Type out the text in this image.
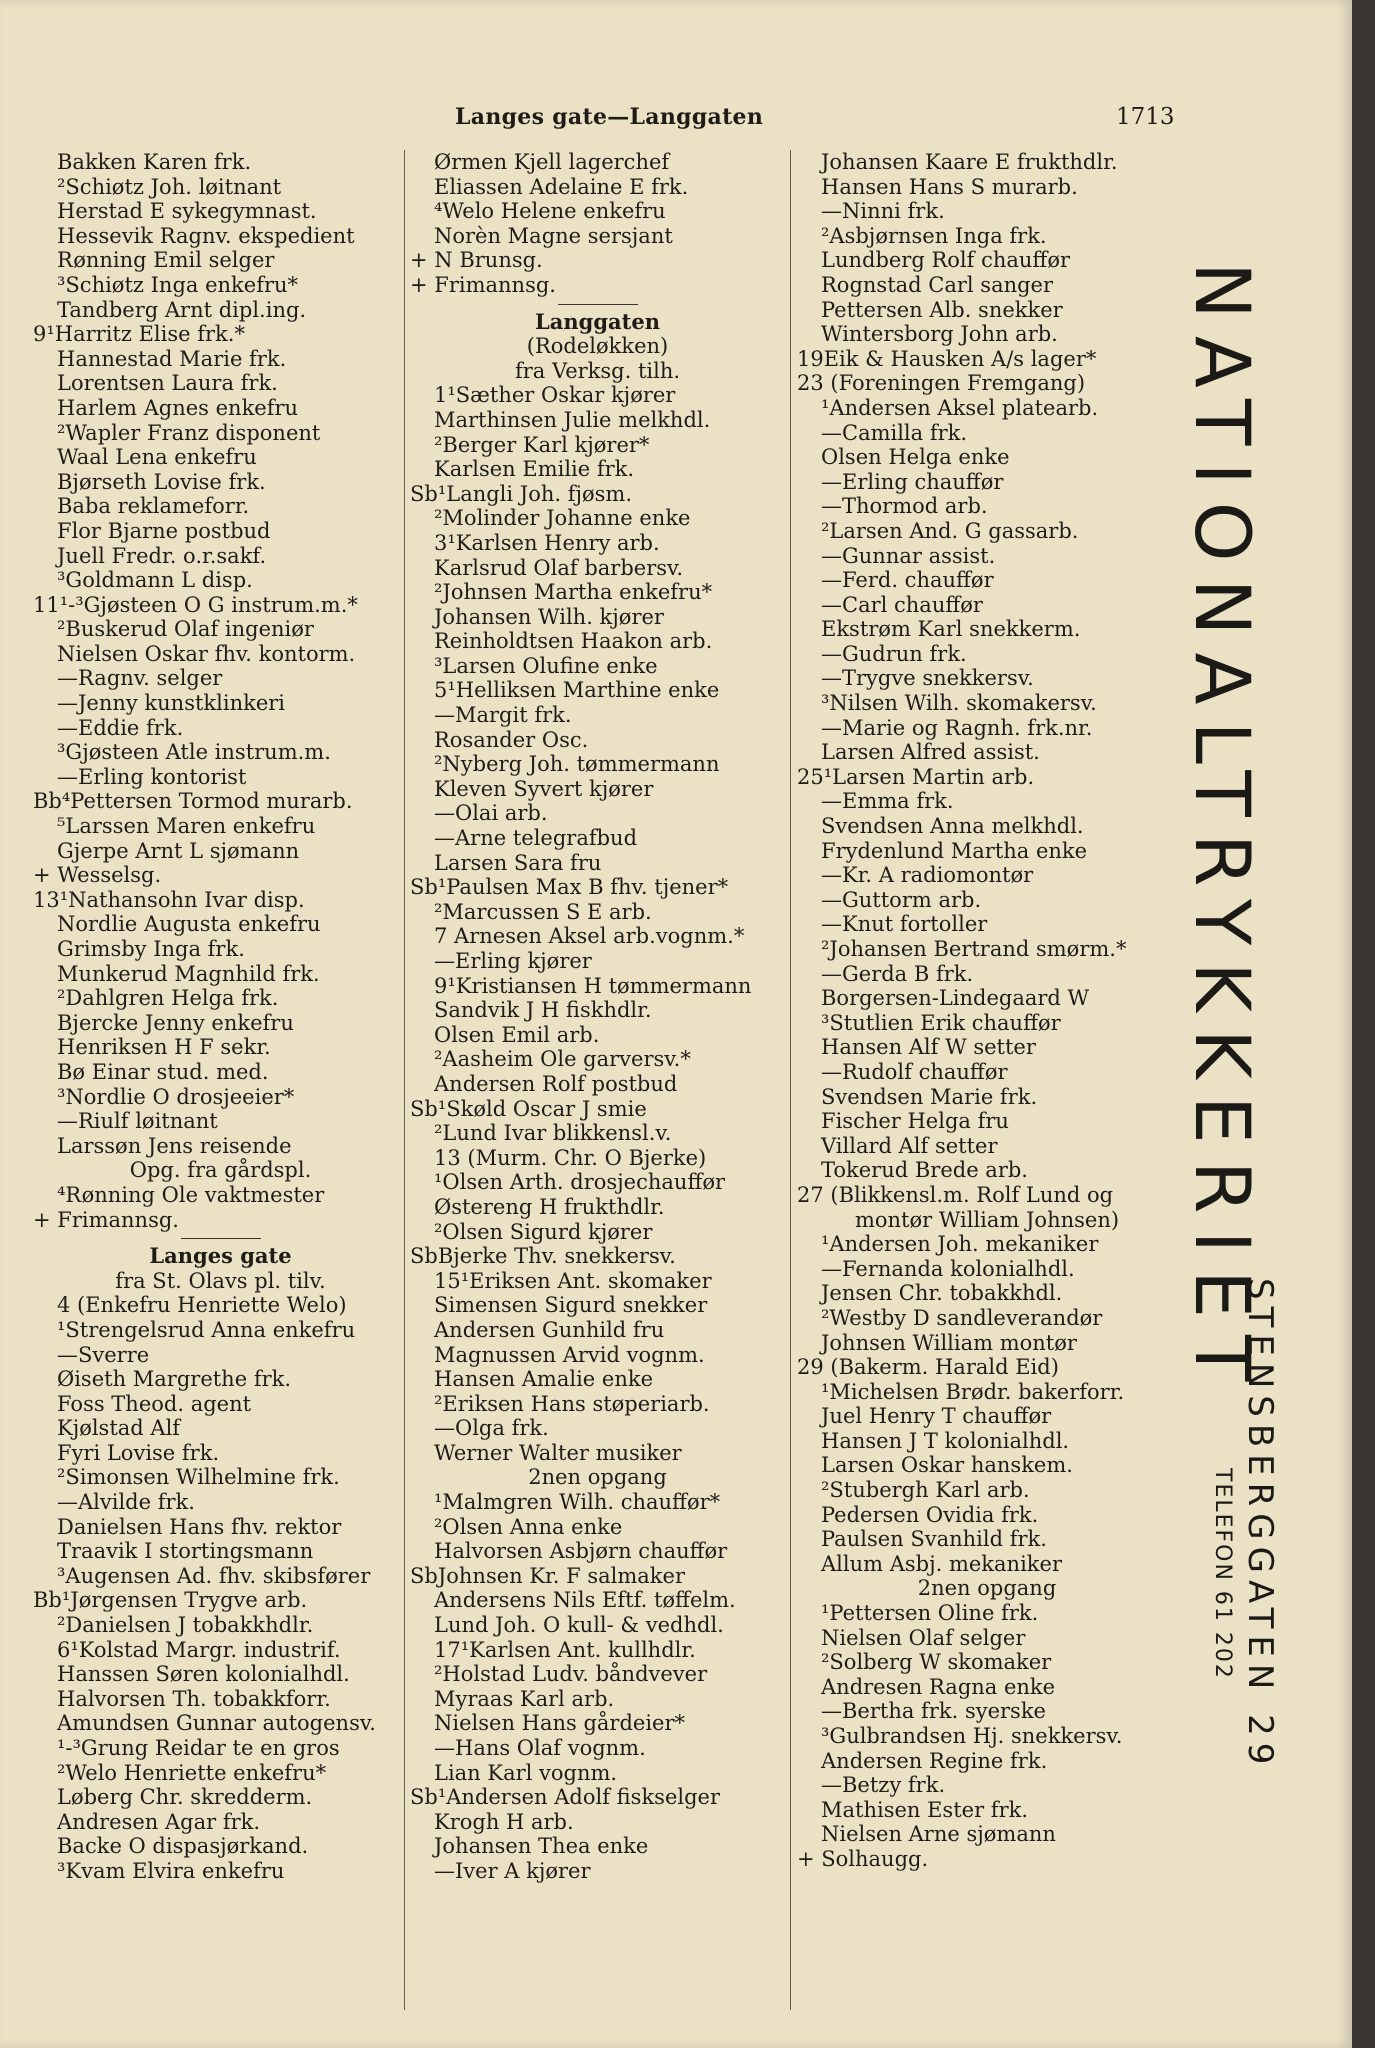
Langes gate—Langgaten	1713
Bakken Karen frk.
²Schiøtz Joh. løitnant
Herstad E sykegymnast.
Hessevik Ragnv. ekspedient
Rønning Emil selger
³Schiøtz Inga enkefru*
Tandberg Arnt dipl.ing.
9¹Harritz Elise frk.*
Hannestad Marie frk.
Lorentsen Laura frk.
Harlem Agnes enkefru
²Wapler Franz disponent
Waal Lena enkefru
Bjørseth Lovise frk.
Baba reklameforr.
Flor Bjarne postbud
Juell Fredr. o.r.sakf.
³Goldmann L disp.
11¹-³Gjøsteen O G instrum.m.*
²Buskerud Olaf ingeniør
Nielsen Oskar fhv. kontorm.
—Ragnv. selger
—Jenny kunstklinkeri
—Eddie frk.
³Gjøsteen Atle instrum.m.
—Erling kontorist
Bb⁴Pettersen Tormod murarb.
⁵Larssen Maren enkefru
Gjerpe Arnt L sjømann
+ Wesselsg.
13¹Nathansohn Ivar disp.
Nordlie Augusta enkefru
Grimsby Inga frk.
Munkerud Magnhild frk.
²Dahlgren Helga frk.
Bjercke Jenny enkefru
Henriksen H F sekr.
Bø Einar stud. med.
³Nordlie O drosjeeier*
—Riulf løitnant
Larssøn Jens reisende
Opg. fra gårdspl.
⁴Rønning Ole vaktmester
+ Frimannsg.
Langes gate
fra St. Olavs pl. tilv.
4 (Enkefru Henriette Welo)
¹Strengelsrud Anna enkefru
—Sverre
Øiseth Margrethe frk.
Foss Theod. agent
Kjølstad Alf
Fyri Lovise frk.
²Simonsen Wilhelmine frk.
—Alvilde frk.
Danielsen Hans fhv. rektor
Traavik I stortingsmann
³Augensen Ad. fhv. skibsfører
Bb¹Jørgensen Trygve arb.
²Danielsen J tobakkhdlr.
6¹Kolstad Margr. industrif.
Hanssen Søren kolonialhdl.
Halvorsen Th. tobakkforr.
Amundsen Gunnar autogensv.
¹-³Grung Reidar te en gros
²Welo Henriette enkefru*
Løberg Chr. skredderm.
Andresen Agar frk.
Backe O dispasjørkand.
³Kvam Elvira enkefru
Ørmen Kjell lagerchef
Eliassen Adelaine E frk.
⁴Welo Helene enkefru
Norèn Magne sersjant
+ N Brunsg.
+ Frimannsg.
Langgaten
(Rodeløkken)
fra Verksg. tilh.
1¹Sæther Oskar kjører
Marthinsen Julie melkhdl.
²Berger Karl kjører*
Karlsen Emilie frk.
Sb¹Langli Joh. fjøsm.
²Molinder Johanne enke
3¹Karlsen Henry arb.
Karlsrud Olaf barbersv.
²Johnsen Martha enkefru*
Johansen Wilh. kjører
Reinholdtsen Haakon arb.
³Larsen Olufine enke
5¹Helliksen Marthine enke
—Margit frk.
Rosander Osc.
²Nyberg Joh. tømmermann
Kleven Syvert kjører
—Olai arb.
—Arne telegrafbud
Larsen Sara fru
Sb¹Paulsen Max B fhv. tjener*
²Marcussen S E arb.
7 Arnesen Aksel arb.vognm.*
—Erling kjører
9¹Kristiansen H tømmermann
Sandvik J H fiskhdlr.
Olsen Emil arb.
²Aasheim Ole garversv.*
Andersen Rolf postbud
Sb¹Skøld Oscar J smie
²Lund Ivar blikkensl.v.
13 (Murm. Chr. O Bjerke)
¹Olsen Arth. drosjechauffør
Østereng H frukthdlr.
²Olsen Sigurd kjører
SbBjerke Thv. snekkersv.
15¹Eriksen Ant. skomaker
Simensen Sigurd snekker
Andersen Gunhild fru
Magnussen Arvid vognm.
Hansen Amalie enke
²Eriksen Hans støperiarb.
—Olga frk.
Werner Walter musiker
2nen opgang
¹Malmgren Wilh. chauffør*
²Olsen Anna enke
Halvorsen Asbjørn chauffør
SbJohnsen Kr. F salmaker
Andersens Nils Eftf. tøffelm.
Lund Joh. O kull- & vedhdl.
17¹Karlsen Ant. kullhdlr.
²Holstad Ludv. båndvever
Myraas Karl arb.
Nielsen Hans gårdeier*
—Hans Olaf vognm.
Lian Karl vognm.
Sb¹Andersen Adolf fiskselger
Krogh H arb.
Johansen Thea enke
—Iver A kjører
Johansen Kaare E frukthdlr.
Hansen Hans S murarb.
—Ninni frk.
²Asbjørnsen Inga frk.
Lundberg Rolf chauffør
Rognstad Carl sanger
Pettersen Alb. snekker
Wintersborg John arb.
19Eik & Hausken A/s lager*
23 (Foreningen Fremgang)
¹Andersen Aksel platearb.
—Camilla frk.
Olsen Helga enke
—Erling chauffør
—Thormod arb.
²Larsen And. G gassarb.
—Gunnar assist.
—Ferd. chauffør
—Carl chauffør
Ekstrøm Karl snekkerm.
—Gudrun frk.
—Trygve snekkersv.
³Nilsen Wilh. skomakersv.
—Marie og Ragnh. frk.nr.
Larsen Alfred assist.
25¹Larsen Martin arb.
—Emma frk.
Svendsen Anna melkhdl.
Frydenlund Martha enke
—Kr. A radiomontør
—Guttorm arb.
—Knut fortoller
²Johansen Bertrand smørm.*
—Gerda B frk.
Borgersen-Lindegaard W
³Stutlien Erik chauffør
Hansen Alf W setter
—Rudolf chauffør
Svendsen Marie frk.
Fischer Helga fru
Villard Alf setter
Tokerud Brede arb.
27 (Blikkensl.m. Rolf Lund og
montør William Johnsen)
¹Andersen Joh. mekaniker
—Fernanda kolonialhdl.
Jensen Chr. tobakkhdl.
²Westby D sandleverandør
Johnsen William montør
29 (Bakerm. Harald Eid)
¹Michelsen Brødr. bakerforr.
Juel Henry T chauffør
Hansen J T kolonialhdl.
Larsen Oskar hanskem.
²Stubergh Karl arb.
Pedersen Ovidia frk.
Paulsen Svanhild frk.
Allum Asbj. mekaniker
2nen opgang
¹Pettersen Oline frk.
Nielsen Olaf selger
²Solberg W skomaker
Andresen Ragna enke
—Bertha frk. syerske
³Gulbrandsen Hj. snekkersv.
Andersen Regine frk.
—Betzy frk.
Mathisen Ester frk.
Nielsen Arne sjømann
+ Solhaugg.
NATIONALTRYKKERIET
STENSBERGGATEN 29
TELEFON 61 202
